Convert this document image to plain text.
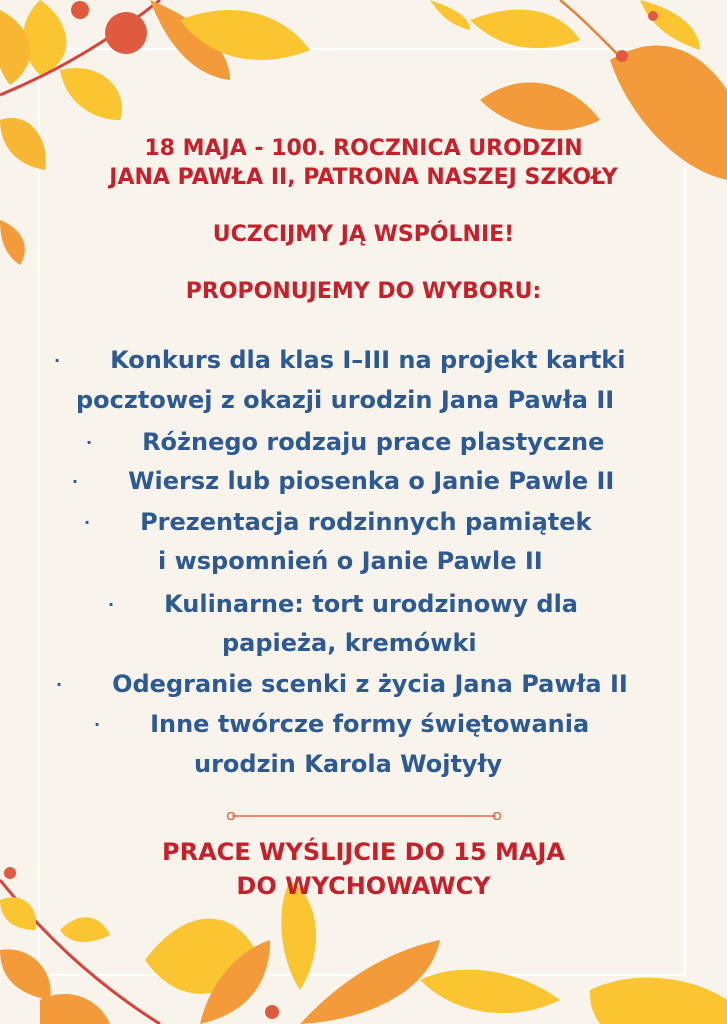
18 MAJA - 100. ROCZNICA URODZIN

JANA PAWŁA II, PATRONA NASZEJ SZKOŁY

UCZCIJMY JĄ WSPÓLNIE!

PROPONUJEMY DO WYBORU:

· Konkurs dla klas I–III na projekt kartki
pocztowej z okazji urodzin Jana Pawła II
· Różnego rodzaju prace plastyczne
· Wiersz lub piosenka o Janie Pawle II
· Prezentacja rodzinnych pamiątek
i wspomnień o Janie Pawle II
· Kulinarne: tort urodzinowy dla
papieża, kremówki
· Odegranie scenki z życia Jana Pawła II
· Inne twórcze formy świętowania
urodzin Karola Wojtyły

PRACE WYŚLIJCIE DO 15 MAJA

DO WYCHOWAWCY
